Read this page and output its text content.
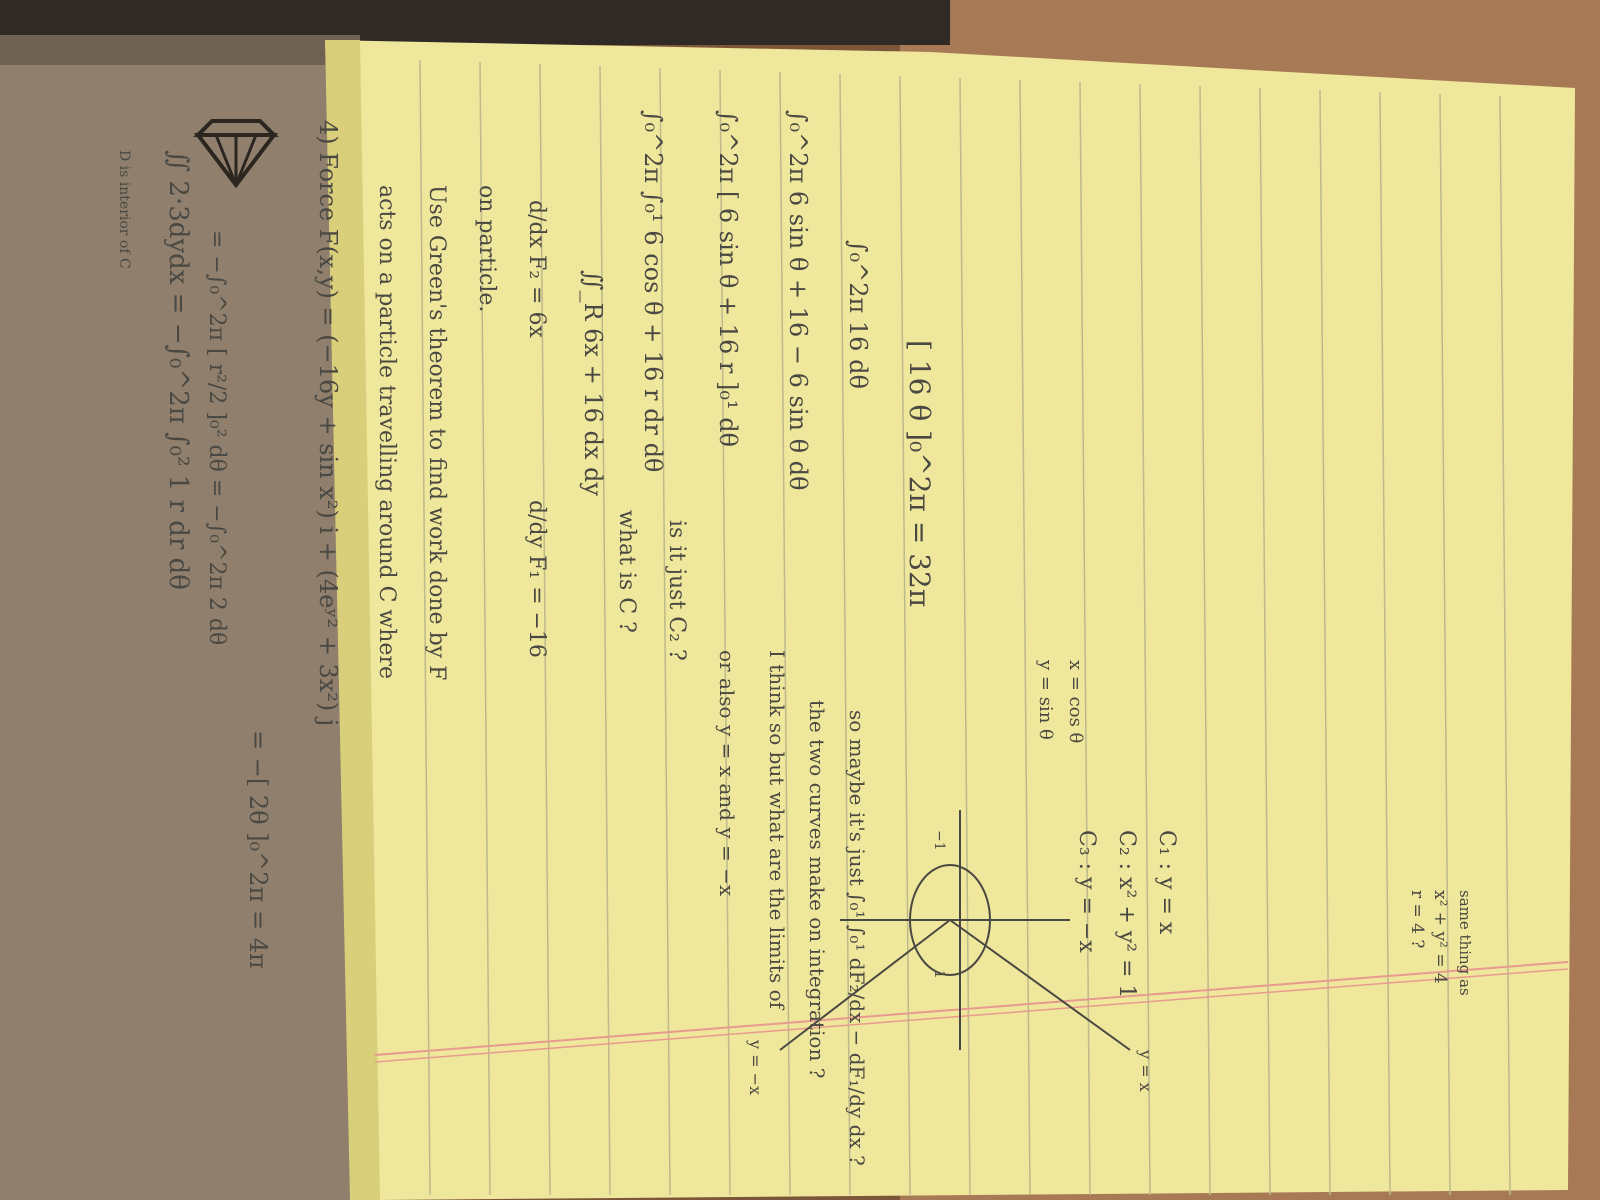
∬ 2·3dydx = −∫₀^2π ∫₀² 1 r dr dθ
D is interior of C
= −∫₀^2π [ r²/2 ]₀² dθ = −∫₀^2π 2 dθ
= −[ 2θ ]₀^2π = 4π	same thing as
x² + y² = 4
r = 4 ?
4) Force F(x,y) = (−16y + sin x²) i + (4eʸ² + 3x²) j acts on a particle travelling around C where Use Green's theorem to find work done by F on particle.
C₁ : y = x
C₂ : x² + y² = 1
C₃ : y = −x
d/dx F₂ = 6x
d/dy F₁ = −16
∬_R 6x + 16 dx dy
x = cos θ
y = sin θ
∫₀^2π ∫₀¹ 6 cos θ + 16 r dr dθ
what is C ? is it just C₂ ?
or also y = x and y = −x I think so but what are the limits of the two curves make on integration ? so maybe it's just ∫₀¹ ∫₀¹ dF₂/dx − dF₁/dy dx ?
∫₀^2π [ 6 sin θ + 16 r ]₀¹ dθ ∫₀^2π 6 sin θ + 16 − 6 sin θ dθ ∫₀^2π 16 dθ
[ 16 θ ]₀^2π = 32π
y = x
y = −x
1
−1
